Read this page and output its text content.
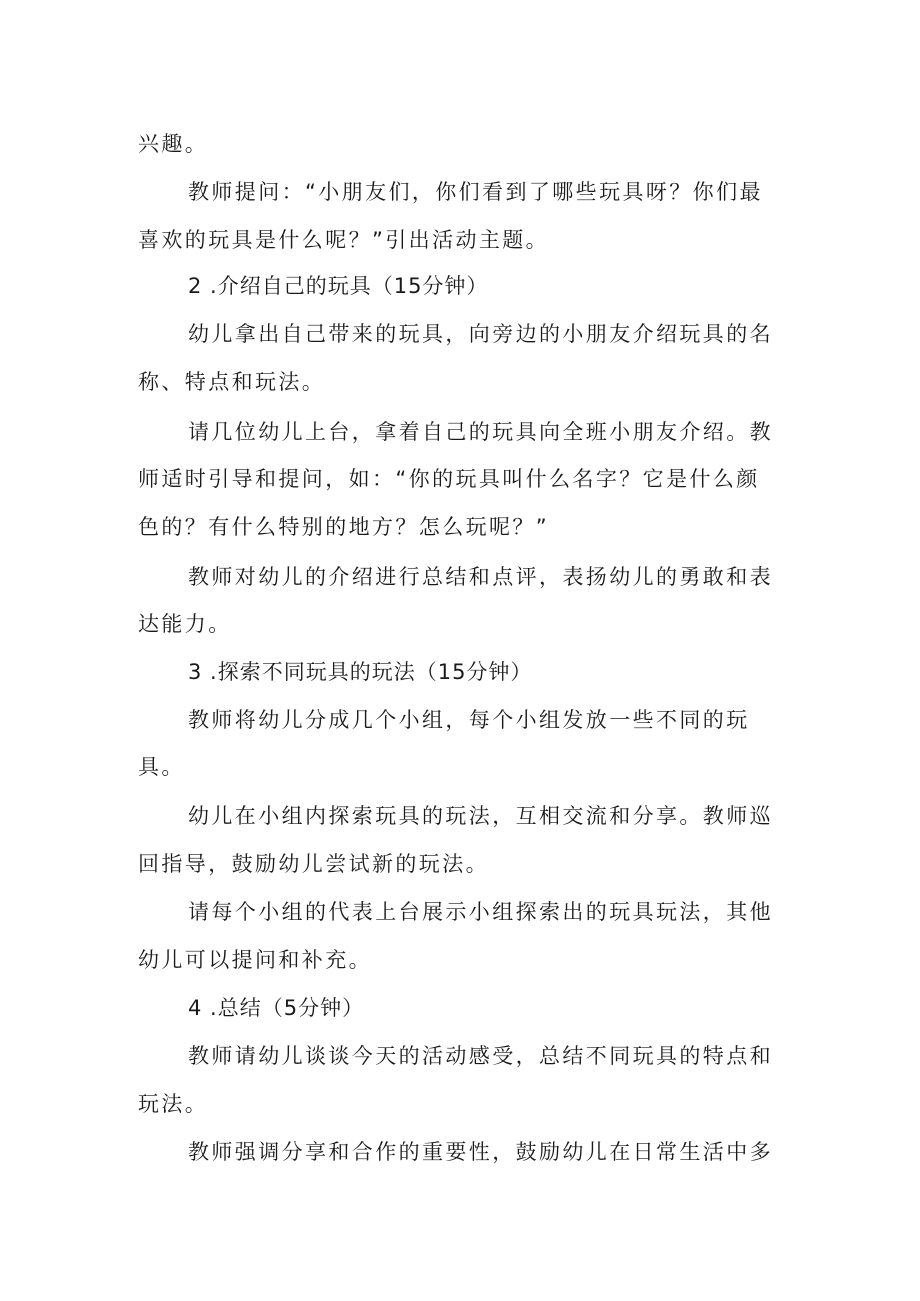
兴趣。
教师提问：“小朋友们，你们看到了哪些玩具呀？你们最
喜欢的玩具是什么呢？”引出活动主题。
2 .介绍自己的玩具（15分钟）
幼儿拿出自己带来的玩具，向旁边的小朋友介绍玩具的名
称、特点和玩法。
请几位幼儿上台，拿着自己的玩具向全班小朋友介绍。教
师适时引导和提问，如：“你的玩具叫什么名字？它是什么颜
色的？有什么特别的地方？怎么玩呢？”
教师对幼儿的介绍进行总结和点评，表扬幼儿的勇敢和表
达能力。
3 .探索不同玩具的玩法（15分钟）
教师将幼儿分成几个小组，每个小组发放一些不同的玩
具。
幼儿在小组内探索玩具的玩法，互相交流和分享。教师巡
回指导，鼓励幼儿尝试新的玩法。
请每个小组的代表上台展示小组探索出的玩具玩法，其他
幼儿可以提问和补充。
4 .总结（5分钟）
教师请幼儿谈谈今天的活动感受，总结不同玩具的特点和
玩法。
教师强调分享和合作的重要性，鼓励幼儿在日常生活中多
